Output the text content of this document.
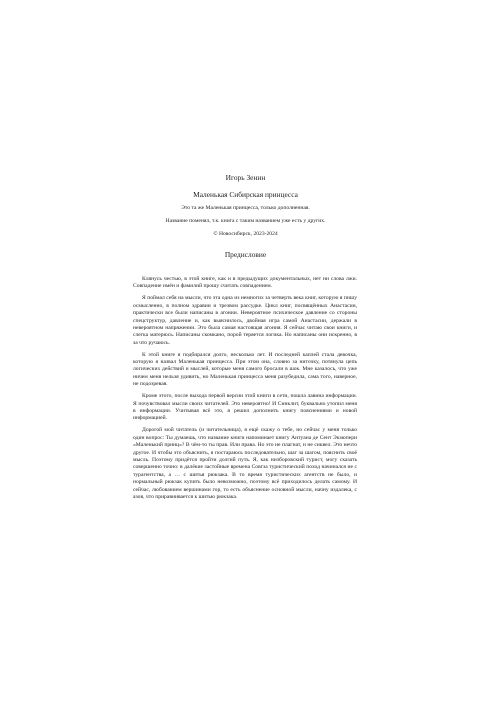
Игорь Зенин
Маленькая Сибирская принцесса
Это та же Маленькая принцесса, только дополненная.
Название поменял, т.к. книга с таким названием уже есть у других.
© Новосибирск, 2023-2024
Предисловие

Клянусь честью, в этой книге, как и в предыдущих документальных, нет ни слова лжи. Совпадение имён и фамилий прошу считать совпадением.

Я поймал себя на мысли, что эта одна из немногих за четверть века книг, которую я пишу осмысленно, в полном здравии и трезвом рассудке. Цикл книг, посвящённых Анастасии, практически все были написаны в агонии. Невероятное психическое давление со стороны спецструктур, давление и, как выяснилось, двойная игра самой Анастасии, держали в невероятном напряжении. Это была самая настоящая агония. Я сейчас читаю свои книги, и слегка матерюсь. Написаны скомкано, порой теряется логика. Но написаны они искренно, в за что ручаюсь.

К этой книге я подбирался долго, несколько лет. И последней каплей стала девочка, которую я назвал Маленькая принцесса. При этом она, словно за ниточку, потянула цепь логических действий и мыслей, которые меня самого бросали в шок. Мне казалось, что уже ничем меня нельзя удивить, но Маленькая принцесса меня разубедила, сама того, наверное, не подозревая.

Кроме этого, после выхода первой версии этой книги в сети, пошла лавина информации. Я почувствовал мысли своих читателей. Это невероятно! И Синклит, буквально утопил меня в информации. Учитывая всё это, я решил дополнить книгу пояснениями и новой информацией.

Дорогой мой читатель (и читательница), я ещё скажу о тебе, но сейчас у меня только один вопрос: Ты думаешь, что название книги напоминает книгу Антуана де Сент Экзюпери «Маленький принц»? В чём-то ты прав. Или права. Но это не плагиат, и не сиквел. Это нечто другое. И чтобы это объяснить, я постараюсь последовательно, шаг за шагом, пояснить своё мысль. Поэтому придётся пройти долгий путь. Я, как низборовский турист, могу сказать совершенно точно: в далёкие застойные времена Совгза туристический поход начинался не с турагентства, а … с шитья рюкзака. В то время туристических агентств не было, и нормальный рюкзак купить было невозможно, поэтому всё приходилось делать самому. И сейчас, любованием вершинами гор, то есть объяснение основной мысли, начну издалека, с азов, что приравнивается к шитью рюкзака.
